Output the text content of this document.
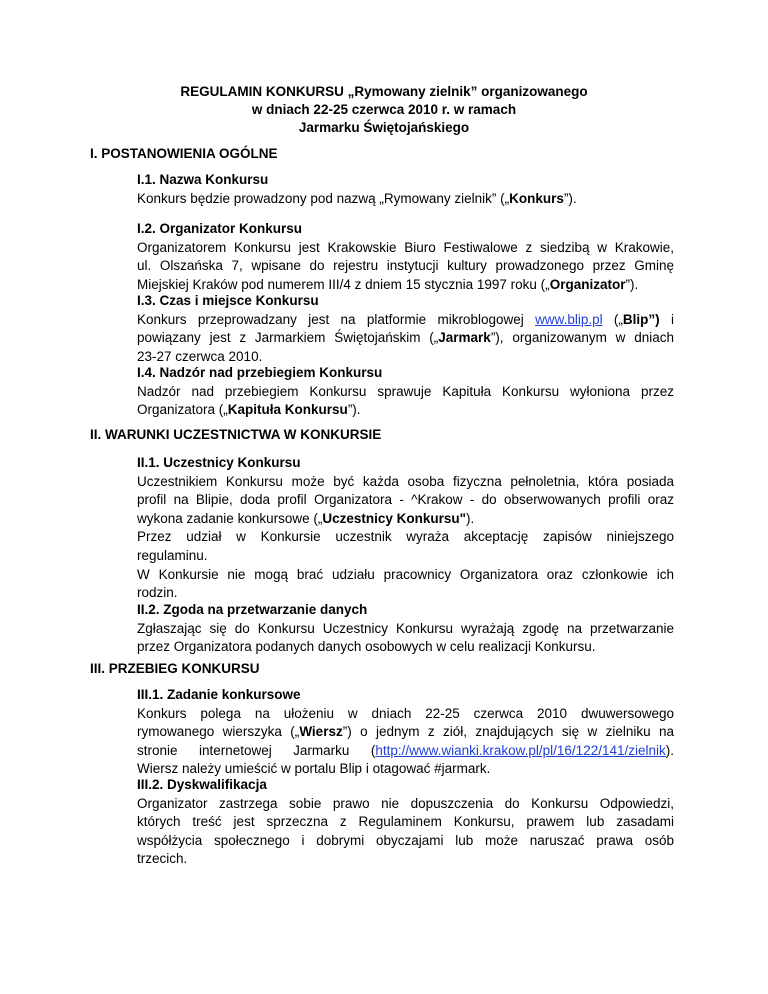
REGULAMIN KONKURSU „Rymowany zielnik” organizowanego
w dniach 22-25 czerwca 2010 r. w ramach
Jarmarku Świętojańskiego
I. POSTANOWIENIA OGÓLNE
I.1. Nazwa Konkursu
Konkurs będzie prowadzony pod nazwą „Rymowany zielnik” („Konkurs”).
I.2. Organizator Konkursu
Organizatorem Konkursu jest Krakowskie Biuro Festiwalowe z siedzibą w Krakowie,
ul. Olszańska 7, wpisane do rejestru instytucji kultury prowadzonego przez Gminę
Miejskiej Kraków pod numerem III/4 z dniem 15 stycznia 1997 roku („Organizator”).
I.3. Czas i miejsce Konkursu
Konkurs przeprowadzany jest na platformie mikroblogowej www.blip.pl („Blip”) i
powiązany jest z Jarmarkiem Świętojańskim („Jarmark”), organizowanym w dniach
23-27 czerwca 2010.
I.4. Nadzór nad przebiegiem Konkursu
Nadzór nad przebiegiem Konkursu sprawuje Kapituła Konkursu wyłoniona przez
Organizatora („Kapituła Konkursu”).
II. WARUNKI UCZESTNICTWA W KONKURSIE
II.1. Uczestnicy Konkursu
Uczestnikiem Konkursu może być każda osoba fizyczna pełnoletnia, która posiada
profil na Blipie, doda profil Organizatora - ^Krakow - do obserwowanych profili oraz
wykona zadanie konkursowe („Uczestnicy Konkursu").
Przez udział w Konkursie uczestnik wyraża akceptację zapisów niniejszego
regulaminu.
W Konkursie nie mogą brać udziału pracownicy Organizatora oraz członkowie ich
rodzin.
II.2. Zgoda na przetwarzanie danych
Zgłaszając się do Konkursu Uczestnicy Konkursu wyrażają zgodę na przetwarzanie
przez Organizatora podanych danych osobowych w celu realizacji Konkursu.
III. PRZEBIEG KONKURSU
III.1. Zadanie konkursowe
Konkurs polega na ułożeniu w dniach 22-25 czerwca 2010 dwuwersowego
rymowanego wierszyka („Wiersz”) o jednym z ziół, znajdujących się w zielniku na
stronie internetowej Jarmarku (http://www.wianki.krakow.pl/pl/16/122/141/zielnik).
Wiersz należy umieścić w portalu Blip i otagować #jarmark.
III.2. Dyskwalifikacja
Organizator zastrzega sobie prawo nie dopuszczenia do Konkursu Odpowiedzi,
których treść jest sprzeczna z Regulaminem Konkursu, prawem lub zasadami
współżycia społecznego i dobrymi obyczajami lub może naruszać prawa osób
trzecich.
